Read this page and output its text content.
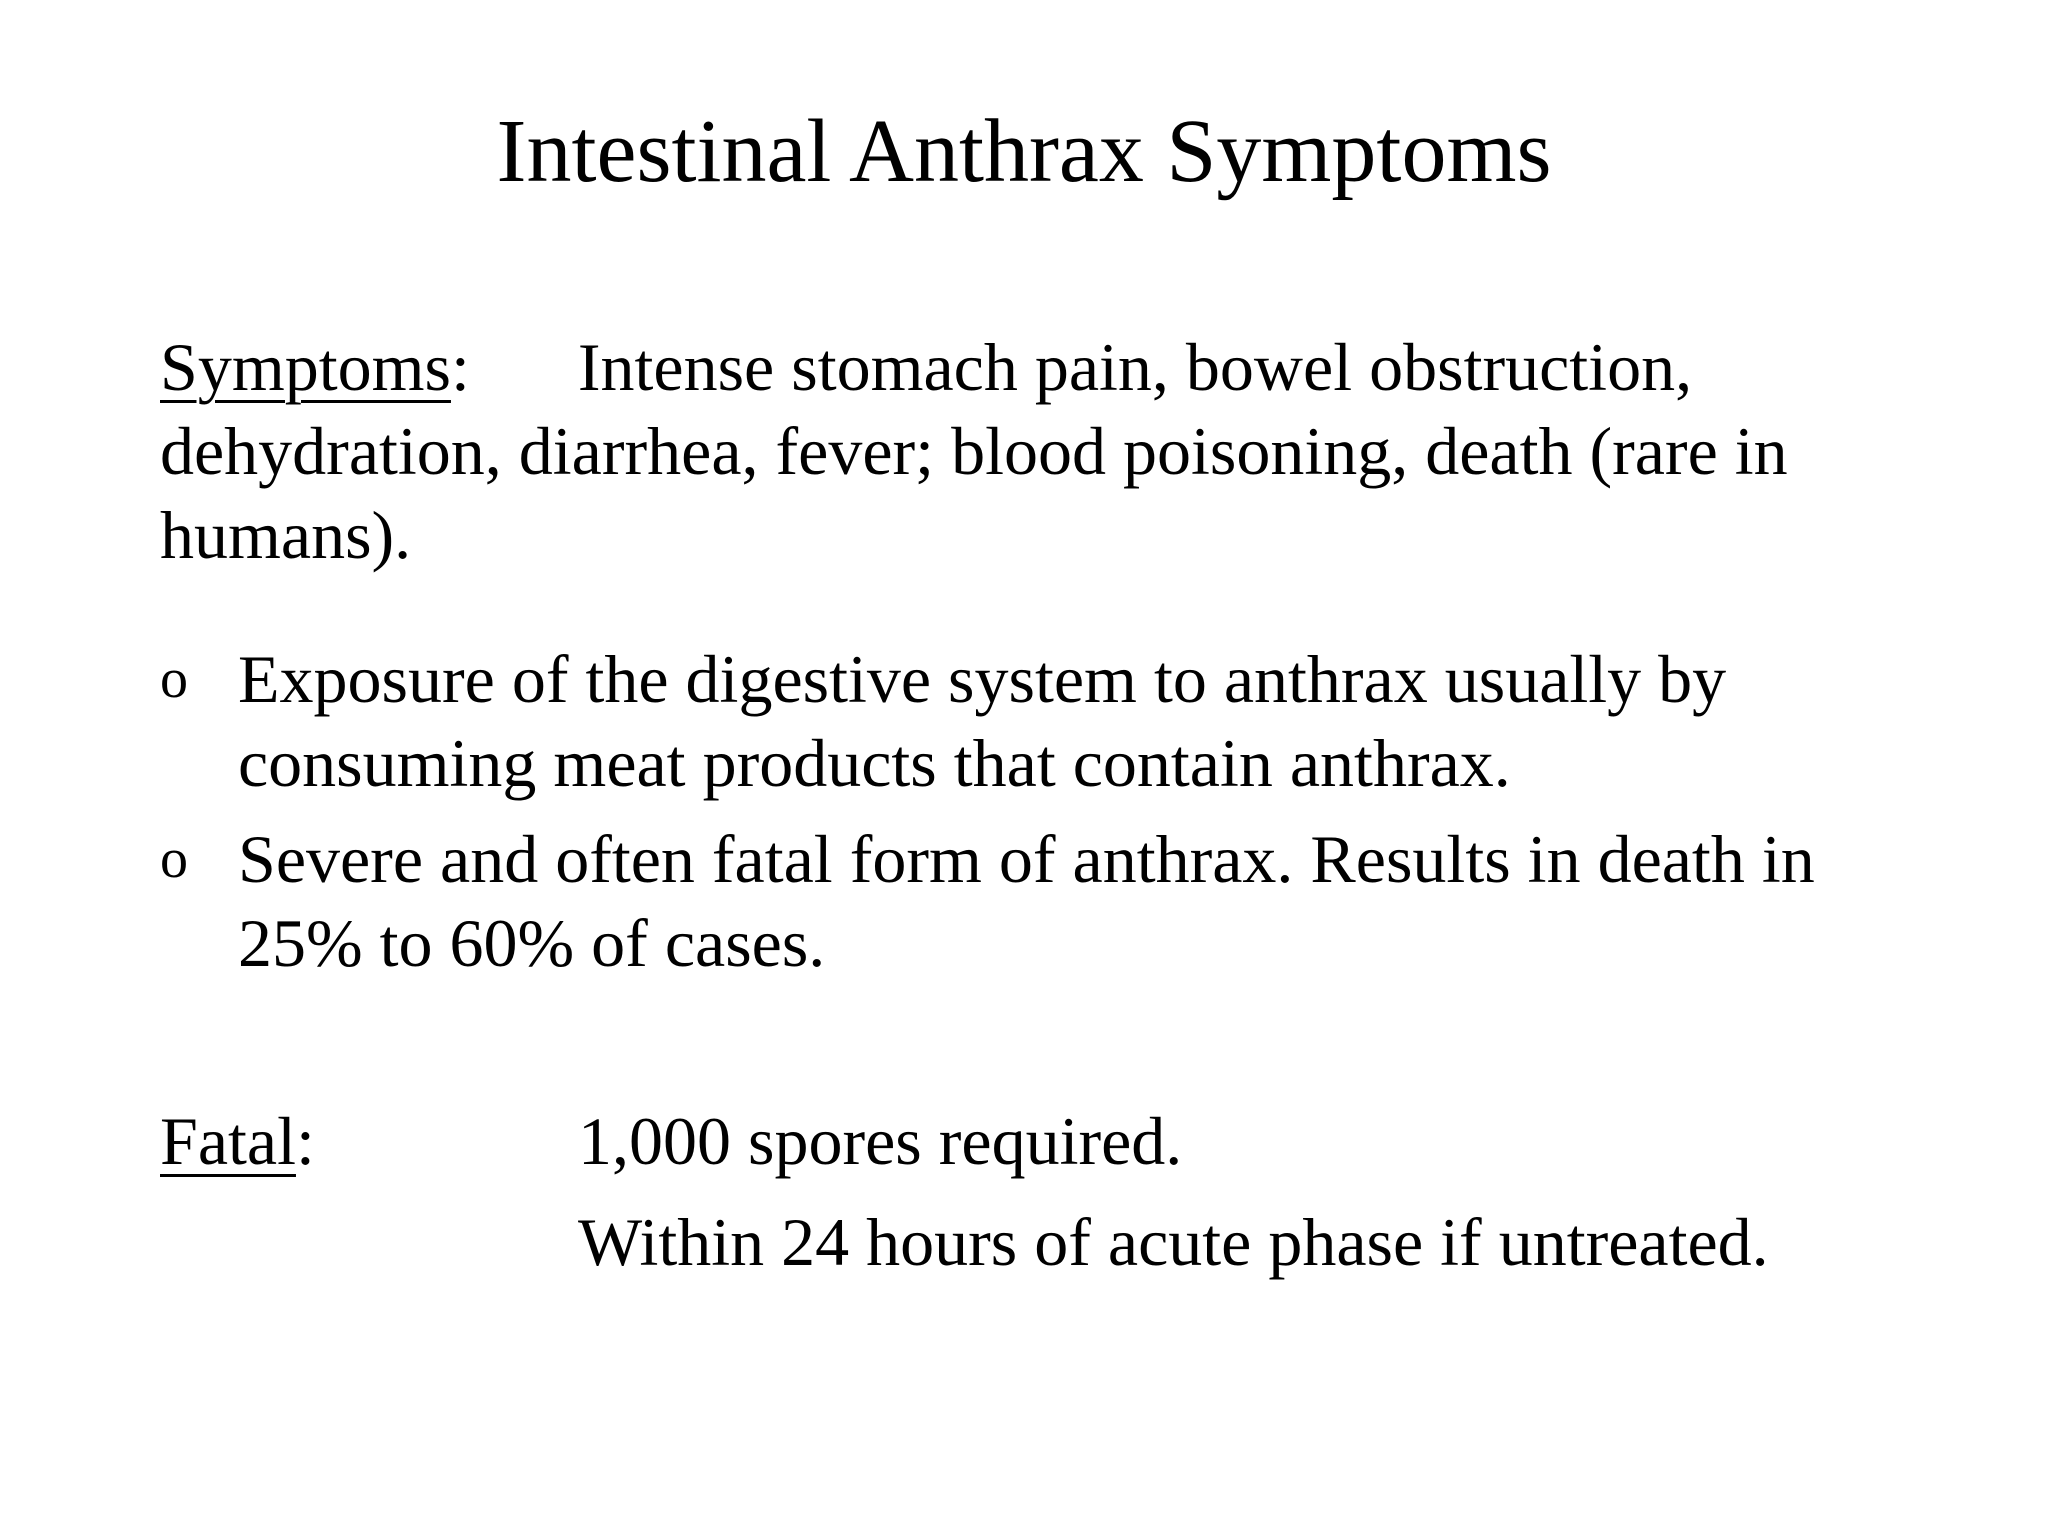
Intestinal Anthrax Symptoms
Symptoms: Intense stomach pain, bowel obstruction, dehydration, diarrhea, fever; blood poisoning, death (rare in humans).
o Exposure of the digestive system to anthrax usually by consuming meat products that contain anthrax.
o Severe and often fatal form of anthrax. Results in death in 25% to 60% of cases.
Fatal:	1,000 spores required.
Within 24 hours of acute phase if untreated.
